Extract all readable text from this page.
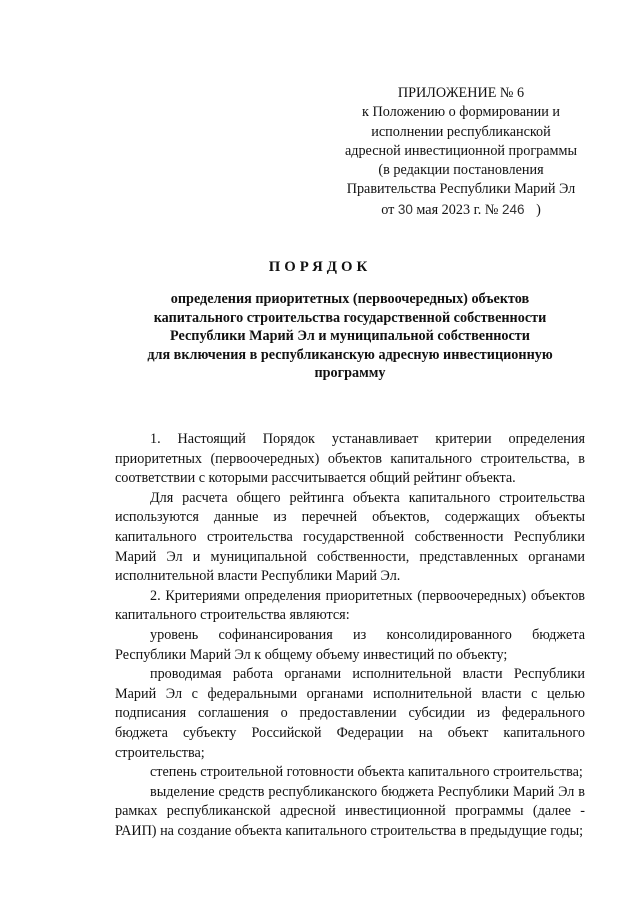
ПРИЛОЖЕНИЕ № 6
к Положению о формировании и
исполнении республиканской
адресной инвестиционной программы
(в редакции постановления
Правительства Республики Марий Эл
от 30 мая 2023 г. № 246 )
ПОРЯДОК
определения приоритетных (первоочередных) объектов
капитального строительства государственной собственности
Республики Марий Эл и муниципальной собственности
для включения в республиканскую адресную инвестиционную
программу

1. Настоящий Порядок устанавливает критерии определения приоритетных (первоочередных) объектов капитального строительства, в соответствии с которыми рассчитывается общий рейтинг объекта.

Для расчета общего рейтинга объекта капитального строительства используются данные из перечней объектов, содержащих объекты капитального строительства государственной собственности Республики Марий Эл и муниципальной собственности, представленных органами исполнительной власти Республики Марий Эл.

2. Критериями определения приоритетных (первоочередных) объектов капитального строительства являются:

уровень софинансирования из консолидированного бюджета Республики Марий Эл к общему объему инвестиций по объекту;

проводимая работа органами исполнительной власти Республики Марий Эл с федеральными органами исполнительной власти с целью подписания соглашения о предоставлении субсидии из федерального бюджета субъекту Российской Федерации на объект капитального строительства;

степень строительной готовности объекта капитального строительства;

выделение средств республиканского бюджета Республики Марий Эл в рамках республиканской адресной инвестиционной программы (далее - РАИП) на создание объекта капитального строительства в предыдущие годы;
